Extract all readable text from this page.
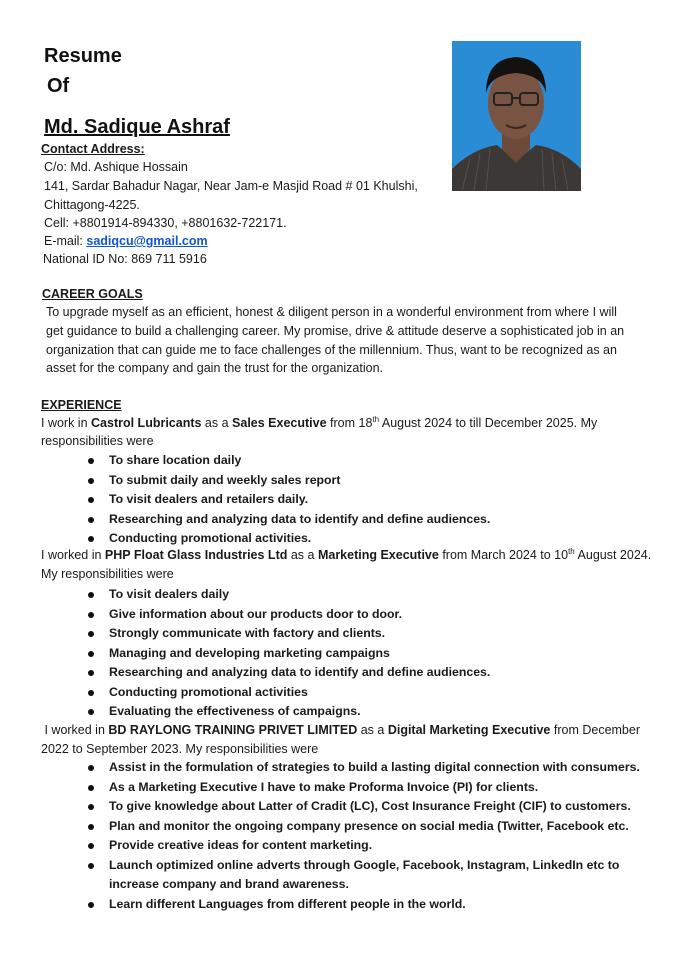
Resume
Of
Md. Sadique Ashraf
Contact Address:
C/o: Md. Ashique Hossain
141, Sardar Bahadur Nagar, Near Jam-e Masjid Road # 01 Khulshi,
Chittagong-4225.
Cell: +8801914-894330, +8801632-722171.
E-mail: sadiqcu@gmail.com
National ID No: 869 711 5916
CAREER GOALS
To upgrade myself as an efficient, honest & diligent person in a wonderful environment from where I will
get guidance to build a challenging career. My promise, drive & attitude deserve a sophisticated job in an
organization that can guide me to face challenges of the millennium. Thus, want to be recognized as an
asset for the company and gain the trust for the organization.
EXPERIENCE
I work in Castrol Lubricants as a Sales Executive from 18th August 2024 to till December 2025. My
responsibilities were
To share location daily
To submit daily and weekly sales report
To visit dealers and retailers daily.
Researching and analyzing data to identify and define audiences.
Conducting promotional activities.
I worked in PHP Float Glass Industries Ltd as a Marketing Executive from March 2024 to 10th August 2024.
My responsibilities were
To visit dealers daily
Give information about our products door to door.
Strongly communicate with factory and clients.
Managing and developing marketing campaigns
Researching and analyzing data to identify and define audiences.
Conducting promotional activities
Evaluating the effectiveness of campaigns.
I worked in BD RAYLONG TRAINING PRIVET LIMITED as a Digital Marketing Executive from December
2022 to September 2023. My responsibilities were
Assist in the formulation of strategies to build a lasting digital connection with consumers.
As a Marketing Executive I have to make Proforma Invoice (PI) for clients.
To give knowledge about Latter of Cradit (LC), Cost Insurance Freight (CIF) to customers.
Plan and monitor the ongoing company presence on social media (Twitter, Facebook etc.
Provide creative ideas for content marketing.
Launch optimized online adverts through Google, Facebook, Instagram, LinkedIn etc to
increase company and brand awareness.
Learn different Languages from different people in the world.
